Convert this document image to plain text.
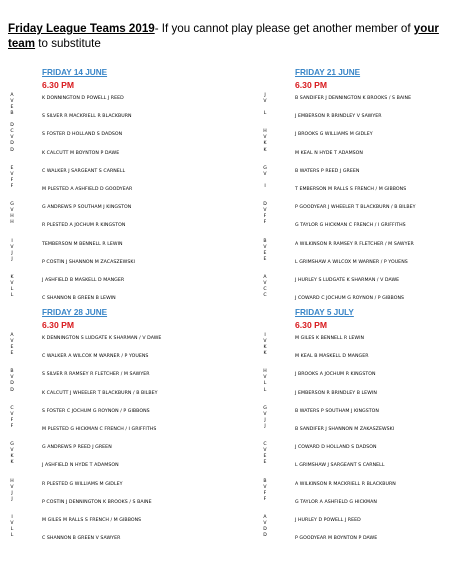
Friday League Teams 2019- If you cannot play please get another member of your team to substitute
FRIDAY 14 JUNE
6.30 PM
A
V
E
K DONNINGTON D POWELL J REED
B
D
S SILVER R MACKRIELL R BLACKBURN
C
V
D
S FOSTER D HOLLAND S DADSON
D
K CALCUTT M BOYNTON P DAWE
E
V
F
C WALKER J SARGEANT S CARNELL
F
M PLESTED A ASHFIELD D GOODYEAR
G
V
H
G ANDREWS P SOUTHAM J KINGSTON
H
R PLESTED A JOCHUM R KINGSTON
I
V
J
TEMBERSON M BENNELL R LEWIN
J
P COSTIN J SHANNON M ZACASZEWSKI
K
V
L
J ASHFIELD B MASKELL D MANGER
L
C SHANNON B GREEN B LEWIN
FRIDAY 21 JUNE
6.30 PM
J
V
B SANDIFER J DENNINGTON K BROOKS / S BAINE
L
J EMBERSON R BRINDLEY V SAWYER
H
V
K
J BROOKS G WILLIAMS M GIDLEY
K
M KEAL N HYDE T ADAMSON
G
V
B WATERS P REED J GREEN
I
T EMBERSON M RALLS S FRENCH / M GIBBONS
D
V
F
P GOODYEAR J WHEELER T BLACKBURN / B BILBEY
F
G TAYLOR G HICKMAN C FRENCH / I GRIFFITHS
B
V
E
A WILKINSON R RAMSEY R FLETCHER / M SAWYER
E
L GRIMSHAW A WILCOX M WARNER / P YOUENS
A
V
C
J HURLEY S LUDGATE K SHARMAN / V DAWE
C
J COWARD C JOCHUM G ROYNON / P GIBBONS
FRIDAY 28 JUNE
6.30 PM
A
V
E
K DENNINGTON S LUDGATE K SHARMAN / V DAWE
E
C WALKER A WILCOX M WARNER / P YOUENS
B
V
D
S SILVER R RAMSEY R FLETCHER / M SAWYER
D
K CALCUTT J WHEELER T BLACKBURN / B BILBEY
C
V
F
S FOSTER C JOCHUM G ROYNON / P GIBBONS
F
M PLESTED G HICKMAN C FRENCH / I GRIFFITHS
G
V
K
G ANDREWS P REED J GREEN
K
J ASHFIELD N HYDE T ADAMSON
H
V
J
R PLESTED G WILLIAMS M GIDLEY
J
P COSTIN J DENNINGTON K BROOKS / S BAINE
I
V
L
M GILES M RALLS S FRENCH / M GIBBONS
L
C SHANNON B GREEN V SAWYER
FRIDAY 5 JULY
6.30 PM
I
V
K
M GILES K BENNELL R LEWIN
K
M KEAL B MASKELL D MANGER
H
V
L
J BROOKS A JOCHUM R KINGSTON
L
J EMBERSON R BRINDLEY B LEWIN
G
V
J
B WATERS P SOUTHAM J KINGSTON
J
B SANDIFER J SHANNON M ZAKASZEWSKI
C
V
E
J COWARD D HOLLAND S DADSON
E
L GRIMSHAW J SARGEANT S CARNELL
B
V
F
A WILKINSON R MACKRIELL R BLACKBURN
F
G TAYLOR A ASHFIELD G HICKMAN
A
V
D
J HURLEY D POWELL J REED
D
P GOODYEAR M BOYNTON P DAWE
